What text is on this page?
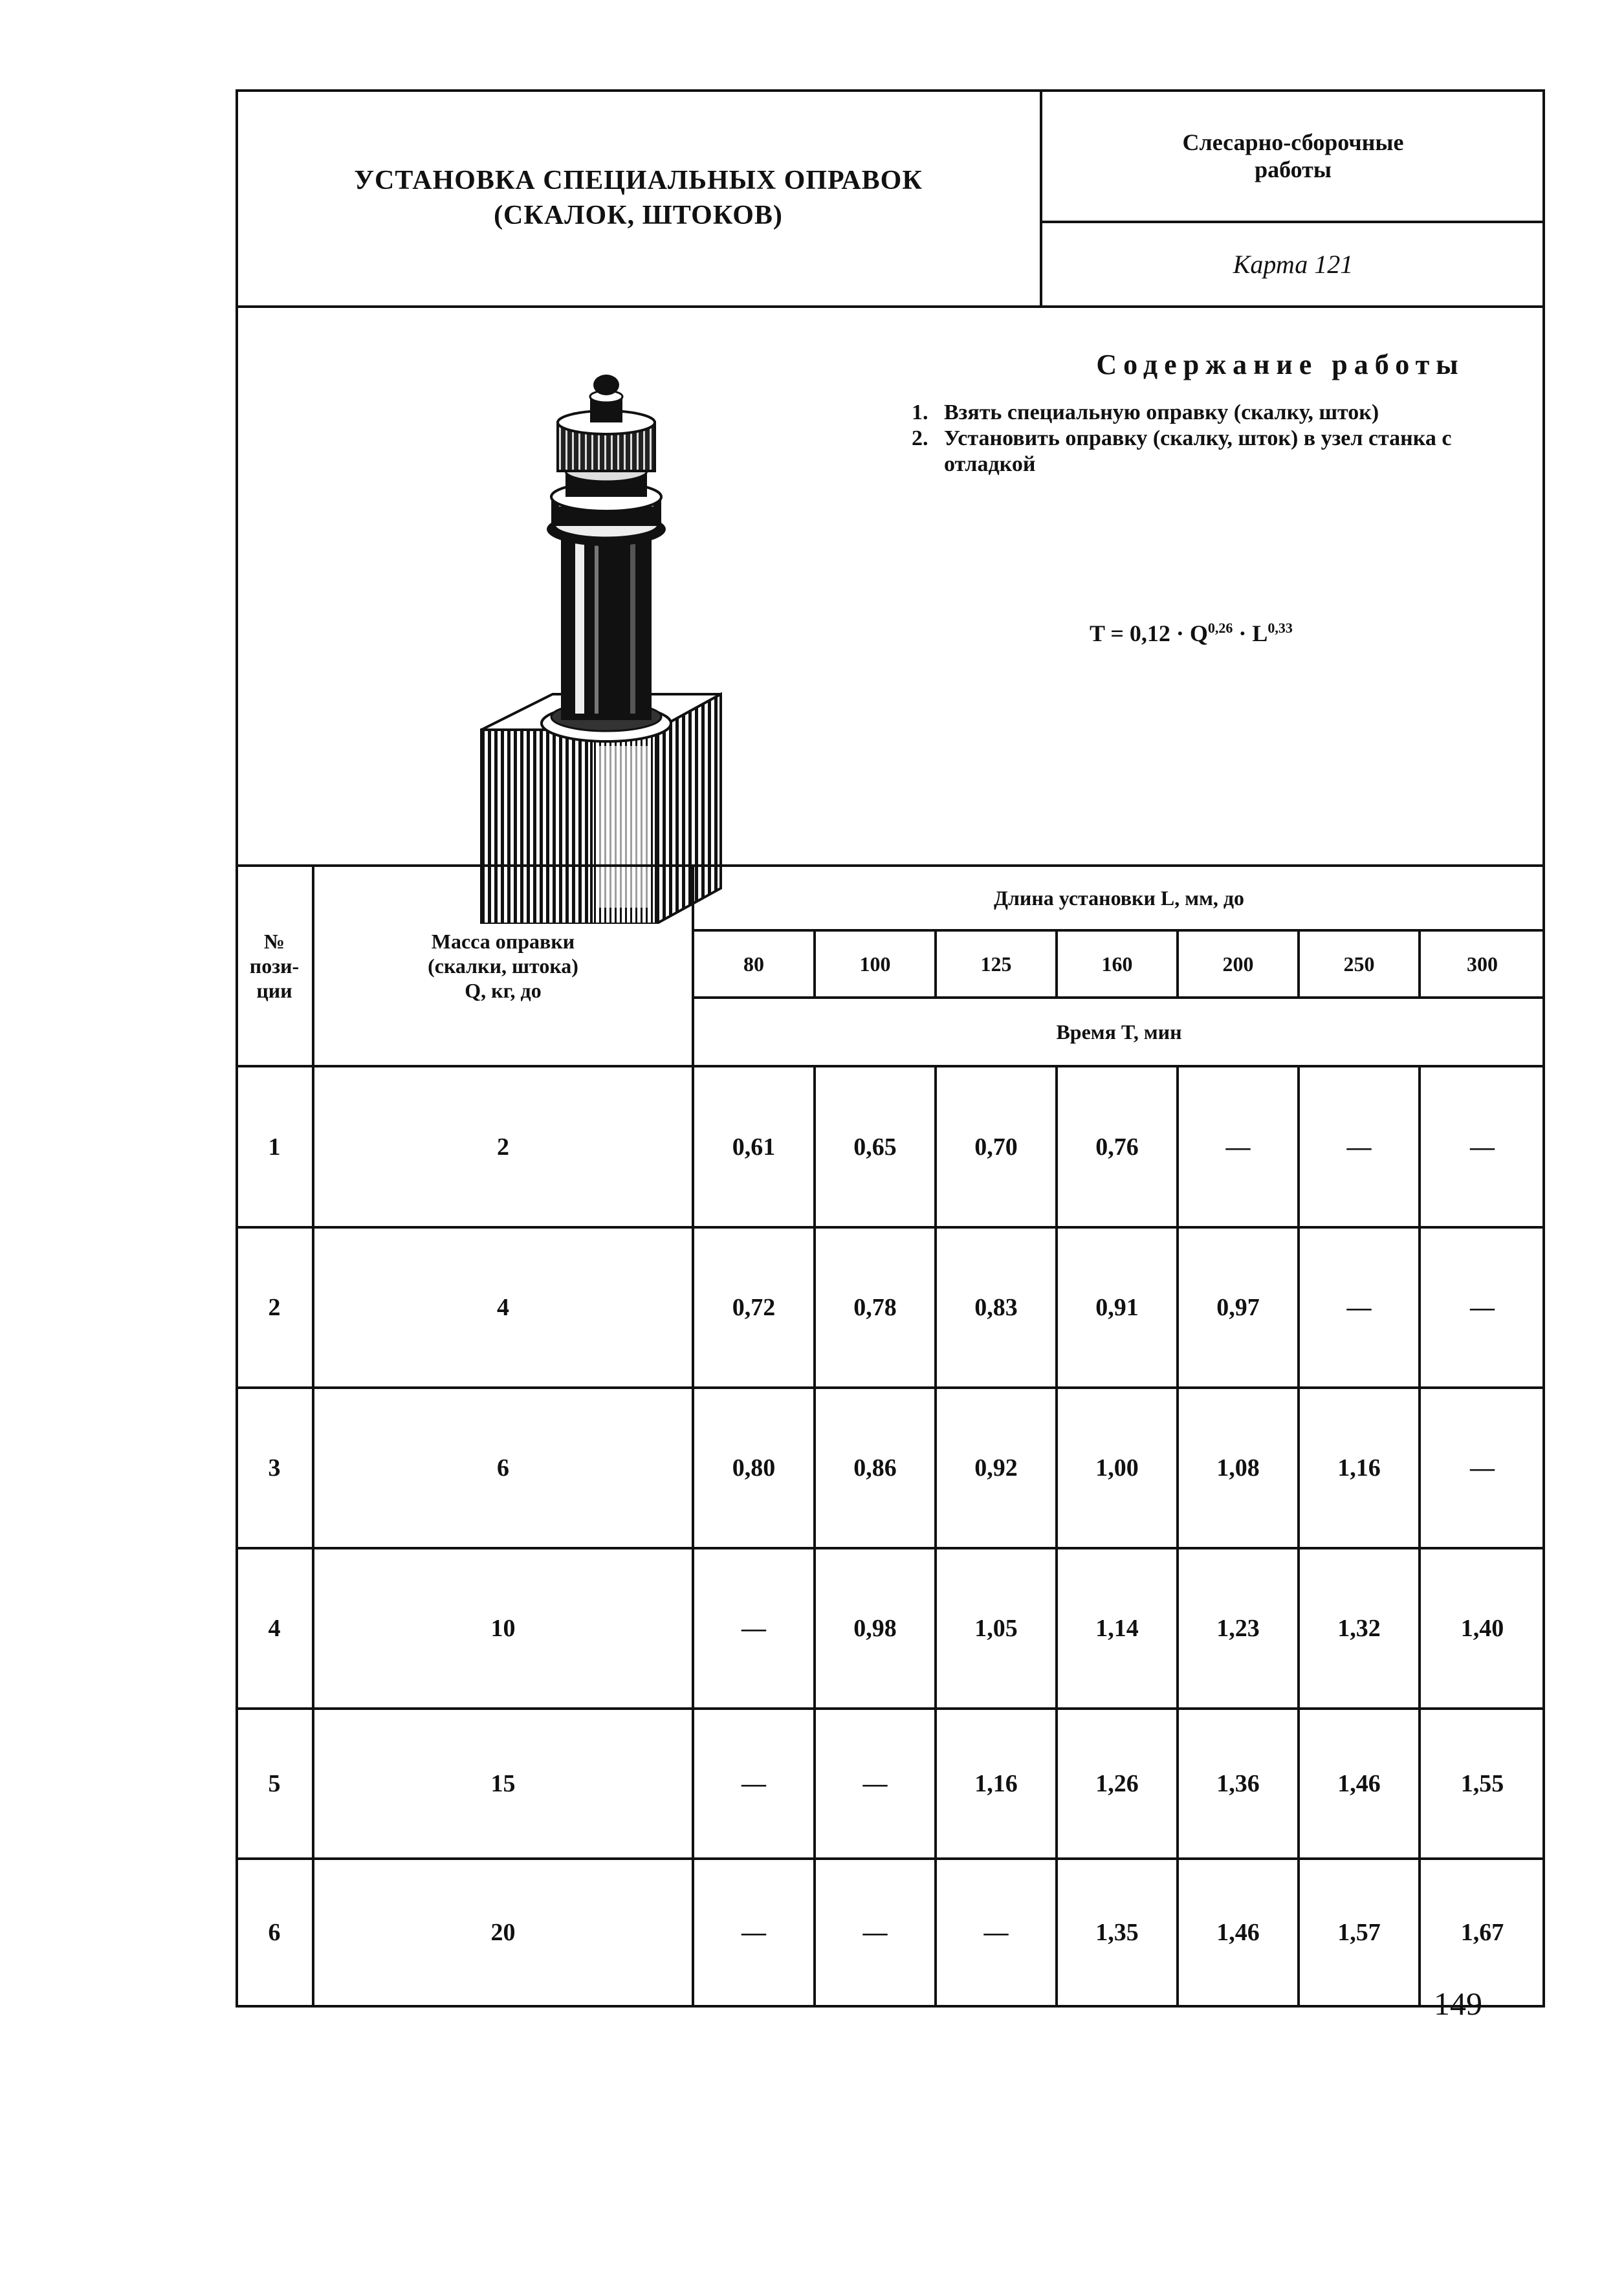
УСТАНОВКА СПЕЦИАЛЬНЫХ ОПРАВОК
(СКАЛОК, ШТОКОВ)
Слесарно-сборочные
работы
Карта 121
Содержание работы
1. Взять специальную оправку (скалку, шток)
2. Установить оправку (скалку, шток) в узел станка с отладкой
T = 0,12 · Q$^{0,26}$ · L$^{0,33}$
№ пози-ции
Масса оправки
(скалки, штока)
Q, кг, до
Длина установки L, мм, до
80	100	125	160	200	250	300
Время T, мин
1	2	0,61	0,65	0,70	0,76	—	—	—
2	4	0,72	0,78	0,83	0,91	0,97	—	—
3	6	0,80	0,86	0,92	1,00	1,08	1,16	—
4	10	—	0,98	1,05	1,14	1,23	1,32	1,40
5	15	—	—	1,16	1,26	1,36	1,46	1,55
6	20	—	—	—	1,35	1,46	1,57	1,67
149
